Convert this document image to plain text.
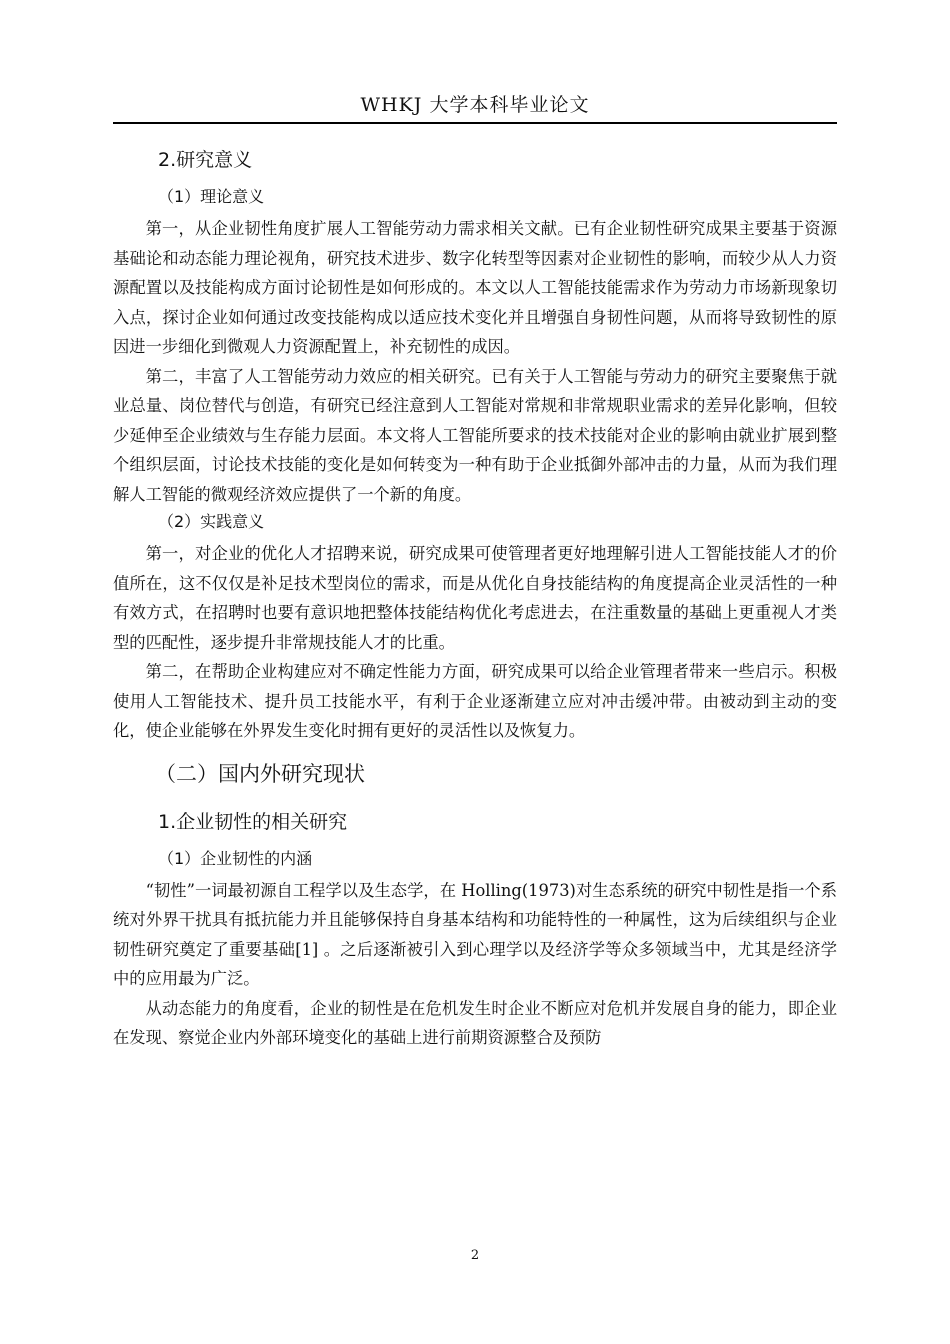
WHKJ 大学本科毕业论文
2.研究意义
（1）理论意义

第一，从企业韧性角度扩展人工智能劳动力需求相关文献。已有企业韧性研究成果主要基于资源基础论和动态能力理论视角，研究技术进步、数字化转型等因素对企业韧性的影响，而较少从人力资源配置以及技能构成方面讨论韧性是如何形成的。本文以人工智能技能需求作为劳动力市场新现象切入点，探讨企业如何通过改变技能构成以适应技术变化并且增强自身韧性问题，从而将导致韧性的原因进一步细化到微观人力资源配置上，补充韧性的成因。

第二，丰富了人工智能劳动力效应的相关研究。已有关于人工智能与劳动力的研究主要聚焦于就业总量、岗位替代与创造，有研究已经注意到人工智能对常规和非常规职业需求的差异化影响，但较少延伸至企业绩效与生存能力层面。本文将人工智能所要求的技术技能对企业的影响由就业扩展到整个组织层面，讨论技术技能的变化是如何转变为一种有助于企业抵御外部冲击的力量，从而为我们理解人工智能的微观经济效应提供了一个新的角度。

（2）实践意义

第一，对企业的优化人才招聘来说，研究成果可使管理者更好地理解引进人工智能技能人才的价值所在，这不仅仅是补足技术型岗位的需求，而是从优化自身技能结构的角度提高企业灵活性的一种有效方式，在招聘时也要有意识地把整体技能结构优化考虑进去，在注重数量的基础上更重视人才类型的匹配性，逐步提升非常规技能人才的比重。

第二，在帮助企业构建应对不确定性能力方面，研究成果可以给企业管理者带来一些启示。积极使用人工智能技术、提升员工技能水平，有利于企业逐渐建立应对冲击缓冲带。由被动到主动的变化，使企业能够在外界发生变化时拥有更好的灵活性以及恢复力。

（二）国内外研究现状
1.企业韧性的相关研究
（1）企业韧性的内涵

“韧性”一词最初源自工程学以及生态学，在 Holling(1973)对生态系统的研究中韧性是指一个系统对外界干扰具有抵抗能力并且能够保持自身基本结构和功能特性的一种属性，这为后续组织与企业韧性研究奠定了重要基础[1] 。之后逐渐被引入到心理学以及经济学等众多领域当中，尤其是经济学中的应用最为广泛。

从动态能力的角度看，企业的韧性是在危机发生时企业不断应对危机并发展自身的能力，即企业在发现、察觉企业内外部环境变化的基础上进行前期资源整合及预防

2
